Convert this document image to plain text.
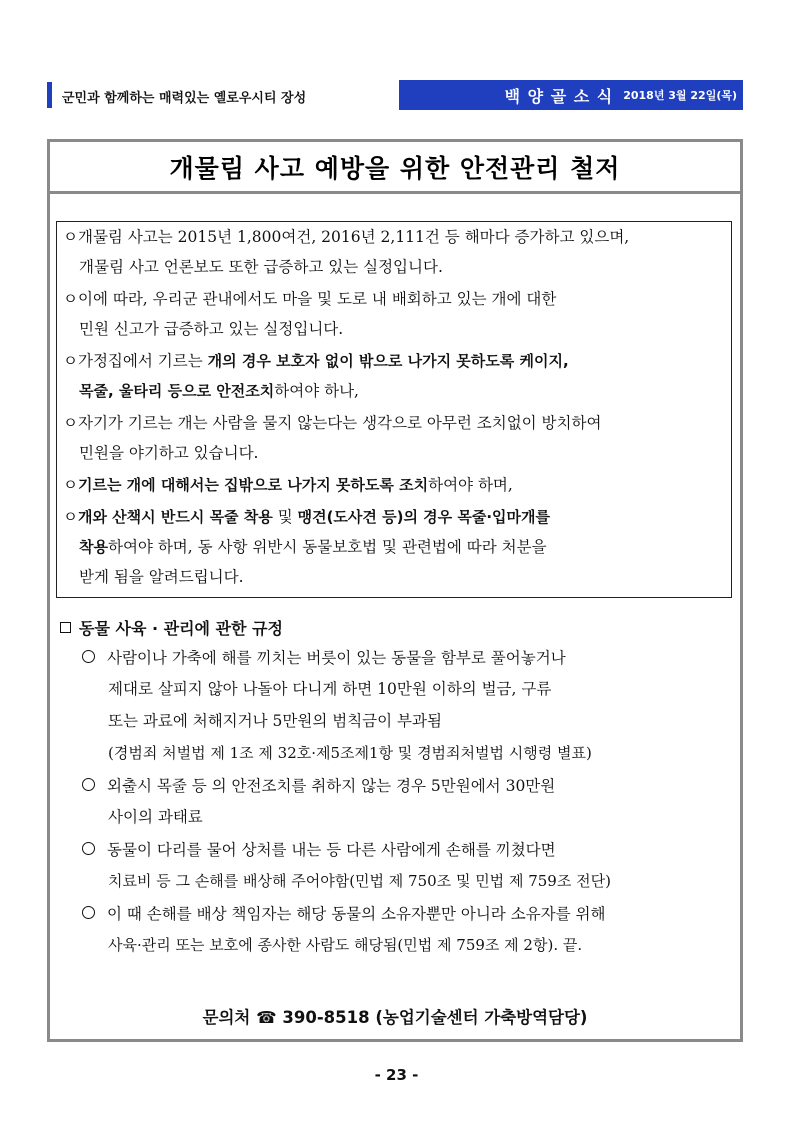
군민과 함께하는 매력있는 옐로우시티 장성	백 양 골 소 식 2018년 3월 22일(목)
개물림 사고 예방을 위한 안전관리 철저
ㅇ개물림 사고는 2015년 1,800여건, 2016년 2,111건 등 해마다 증가하고 있으며,
개물림 사고 언론보도 또한 급증하고 있는 실정입니다.
ㅇ이에 따라, 우리군 관내에서도 마을 및 도로 내 배회하고 있는 개에 대한
민원 신고가 급증하고 있는 실정입니다.
ㅇ가정집에서 기르는 개의 경우 보호자 없이 밖으로 나가지 못하도록 케이지,
목줄, 울타리 등으로 안전조치하여야 하나,
ㅇ자기가 기르는 개는 사람을 물지 않는다는 생각으로 아무런 조치없이 방치하여
민원을 야기하고 있습니다.
ㅇ기르는 개에 대해서는 집밖으로 나가지 못하도록 조치하여야 하며,
ㅇ개와 산책시 반드시 목줄 착용 및 맹견(도사견 등)의 경우 목줄·입마개를
착용하여야 하며, 동 사항 위반시 동물보호법 및 관련법에 따라 처분을
받게 됨을 알려드립니다.
동물 사육 · 관리에 관한 규정
사람이나 가축에 해를 끼치는 버릇이 있는 동물을 함부로 풀어놓거나
제대로 살피지 않아 나돌아 다니게 하면 10만원 이하의 벌금, 구류
또는 과료에 처해지거나 5만원의 범칙금이 부과됨
(경범죄 처벌법 제 1조 제 32호·제5조제1항 및 경범죄처벌법 시행령 별표)
외출시 목줄 등 의 안전조치를 취하지 않는 경우 5만원에서 30만원
사이의 과태료
동물이 다리를 물어 상처를 내는 등 다른 사람에게 손해를 끼쳤다면
치료비 등 그 손해를 배상해 주어야함(민법 제 750조 및 민법 제 759조 전단)
이 때 손해를 배상 책임자는 해당 동물의 소유자뿐만 아니라 소유자를 위해
사육·관리 또는 보호에 종사한 사람도 해당됨(민법 제 759조 제 2항). 끝.
문의처 ☎ 390-8518 (농업기술센터 가축방역담당)
- 23 -
